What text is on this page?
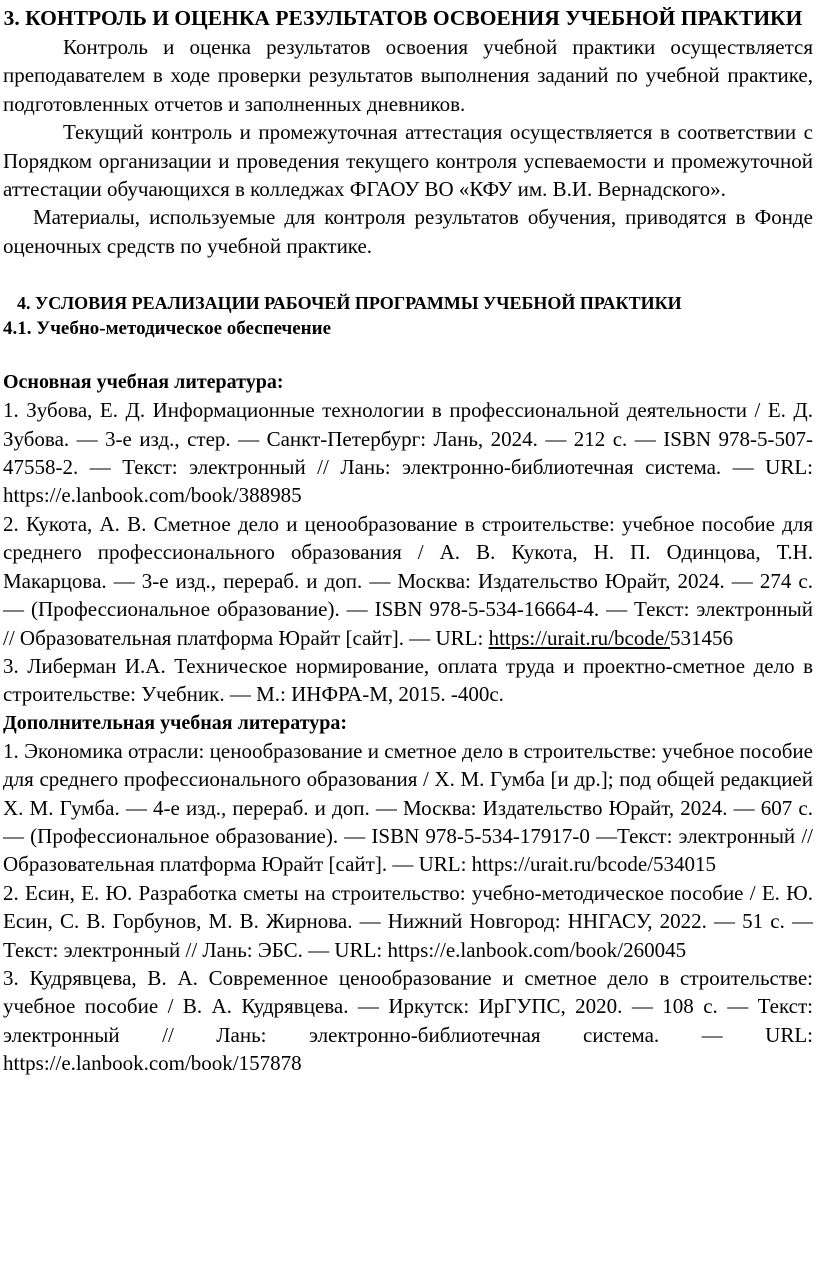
3. КОНТРОЛЬ И ОЦЕНКА РЕЗУЛЬТАТОВ ОСВОЕНИЯ УЧЕБНОЙ ПРАКТИКИ

Контроль и оценка результатов освоения учебной практики осуществляется преподавателем в ходе проверки результатов выполнения заданий по учебной практике, подготовленных отчетов и заполненных дневников.

Текущий контроль и промежуточная аттестация осуществляется в соответствии с Порядком организации и проведения текущего контроля успеваемости и промежуточной аттестации обучающихся в колледжах ФГАОУ ВО «КФУ им. В.И. Вернадского».

Материалы, используемые для контроля результатов обучения, приводятся в Фонде оценочных средств по учебной практике.

4. УСЛОВИЯ РЕАЛИЗАЦИИ РАБОЧЕЙ ПРОГРАММЫ УЧЕБНОЙ ПРАКТИКИ
4.1. Учебно-методическое обеспечение
Основная учебная литература:

1. Зубова, Е. Д. Информационные технологии в профессиональной деятельности / Е. Д. Зубова. — 3-е изд., стер. — Санкт-Петербург: Лань, 2024. — 212 с. — ISBN 978-5-507-47558-2. — Текст: электронный // Лань: электронно-библиотечная система. — URL: https://e.lanbook.com/book/388985

2. Кукота, А. В. Сметное дело и ценообразование в строительстве: учебное пособие для среднего профессионального образования / А. В. Кукота, Н. П. Одинцова, Т.Н. Макарцова. — 3-е изд., перераб. и доп. — Москва: Издательство Юрайт, 2024. — 274 с. — (Профессиональное образование). — ISBN 978-5-534-16664-4. — Текст: электронный // Образовательная платформа Юрайт [сайт]. — URL: https://urait.ru/bcode/531456

3. Либерман И.А. Техническое нормирование, оплата труда и проектно-сметное дело в строительстве: Учебник. — М.: ИНФРА-М, 2015. -400с.

Дополнительная учебная литература:

1. Экономика отрасли: ценообразование и сметное дело в строительстве: учебное пособие для среднего профессионального образования / Х. М. Гумба [и др.]; под общей редакцией Х. М. Гумба. — 4-е изд., перераб. и доп. — Москва: Издательство Юрайт, 2024. — 607 с. — (Профессиональное образование). — ISBN 978-5-534-17917-0 —Текст: электронный // Образовательная платформа Юрайт [сайт]. — URL: https://urait.ru/bcode/534015

2. Есин, Е. Ю. Разработка сметы на строительство: учебно-методическое пособие / Е. Ю. Есин, С. В. Горбунов, М. В. Жирнова. — Нижний Новгород: ННГАСУ, 2022. — 51 с. — Текст: электронный // Лань: ЭБС. — URL: https://e.lanbook.com/book/260045

3. Кудрявцева, В. А. Современное ценообразование и сметное дело в строительстве: учебное пособие / В. А. Кудрявцева. — Иркутск: ИрГУПС, 2020. — 108 с. — Текст: электронный // Лань: электронно-библиотечная система. — URL: https://e.lanbook.com/book/157878
